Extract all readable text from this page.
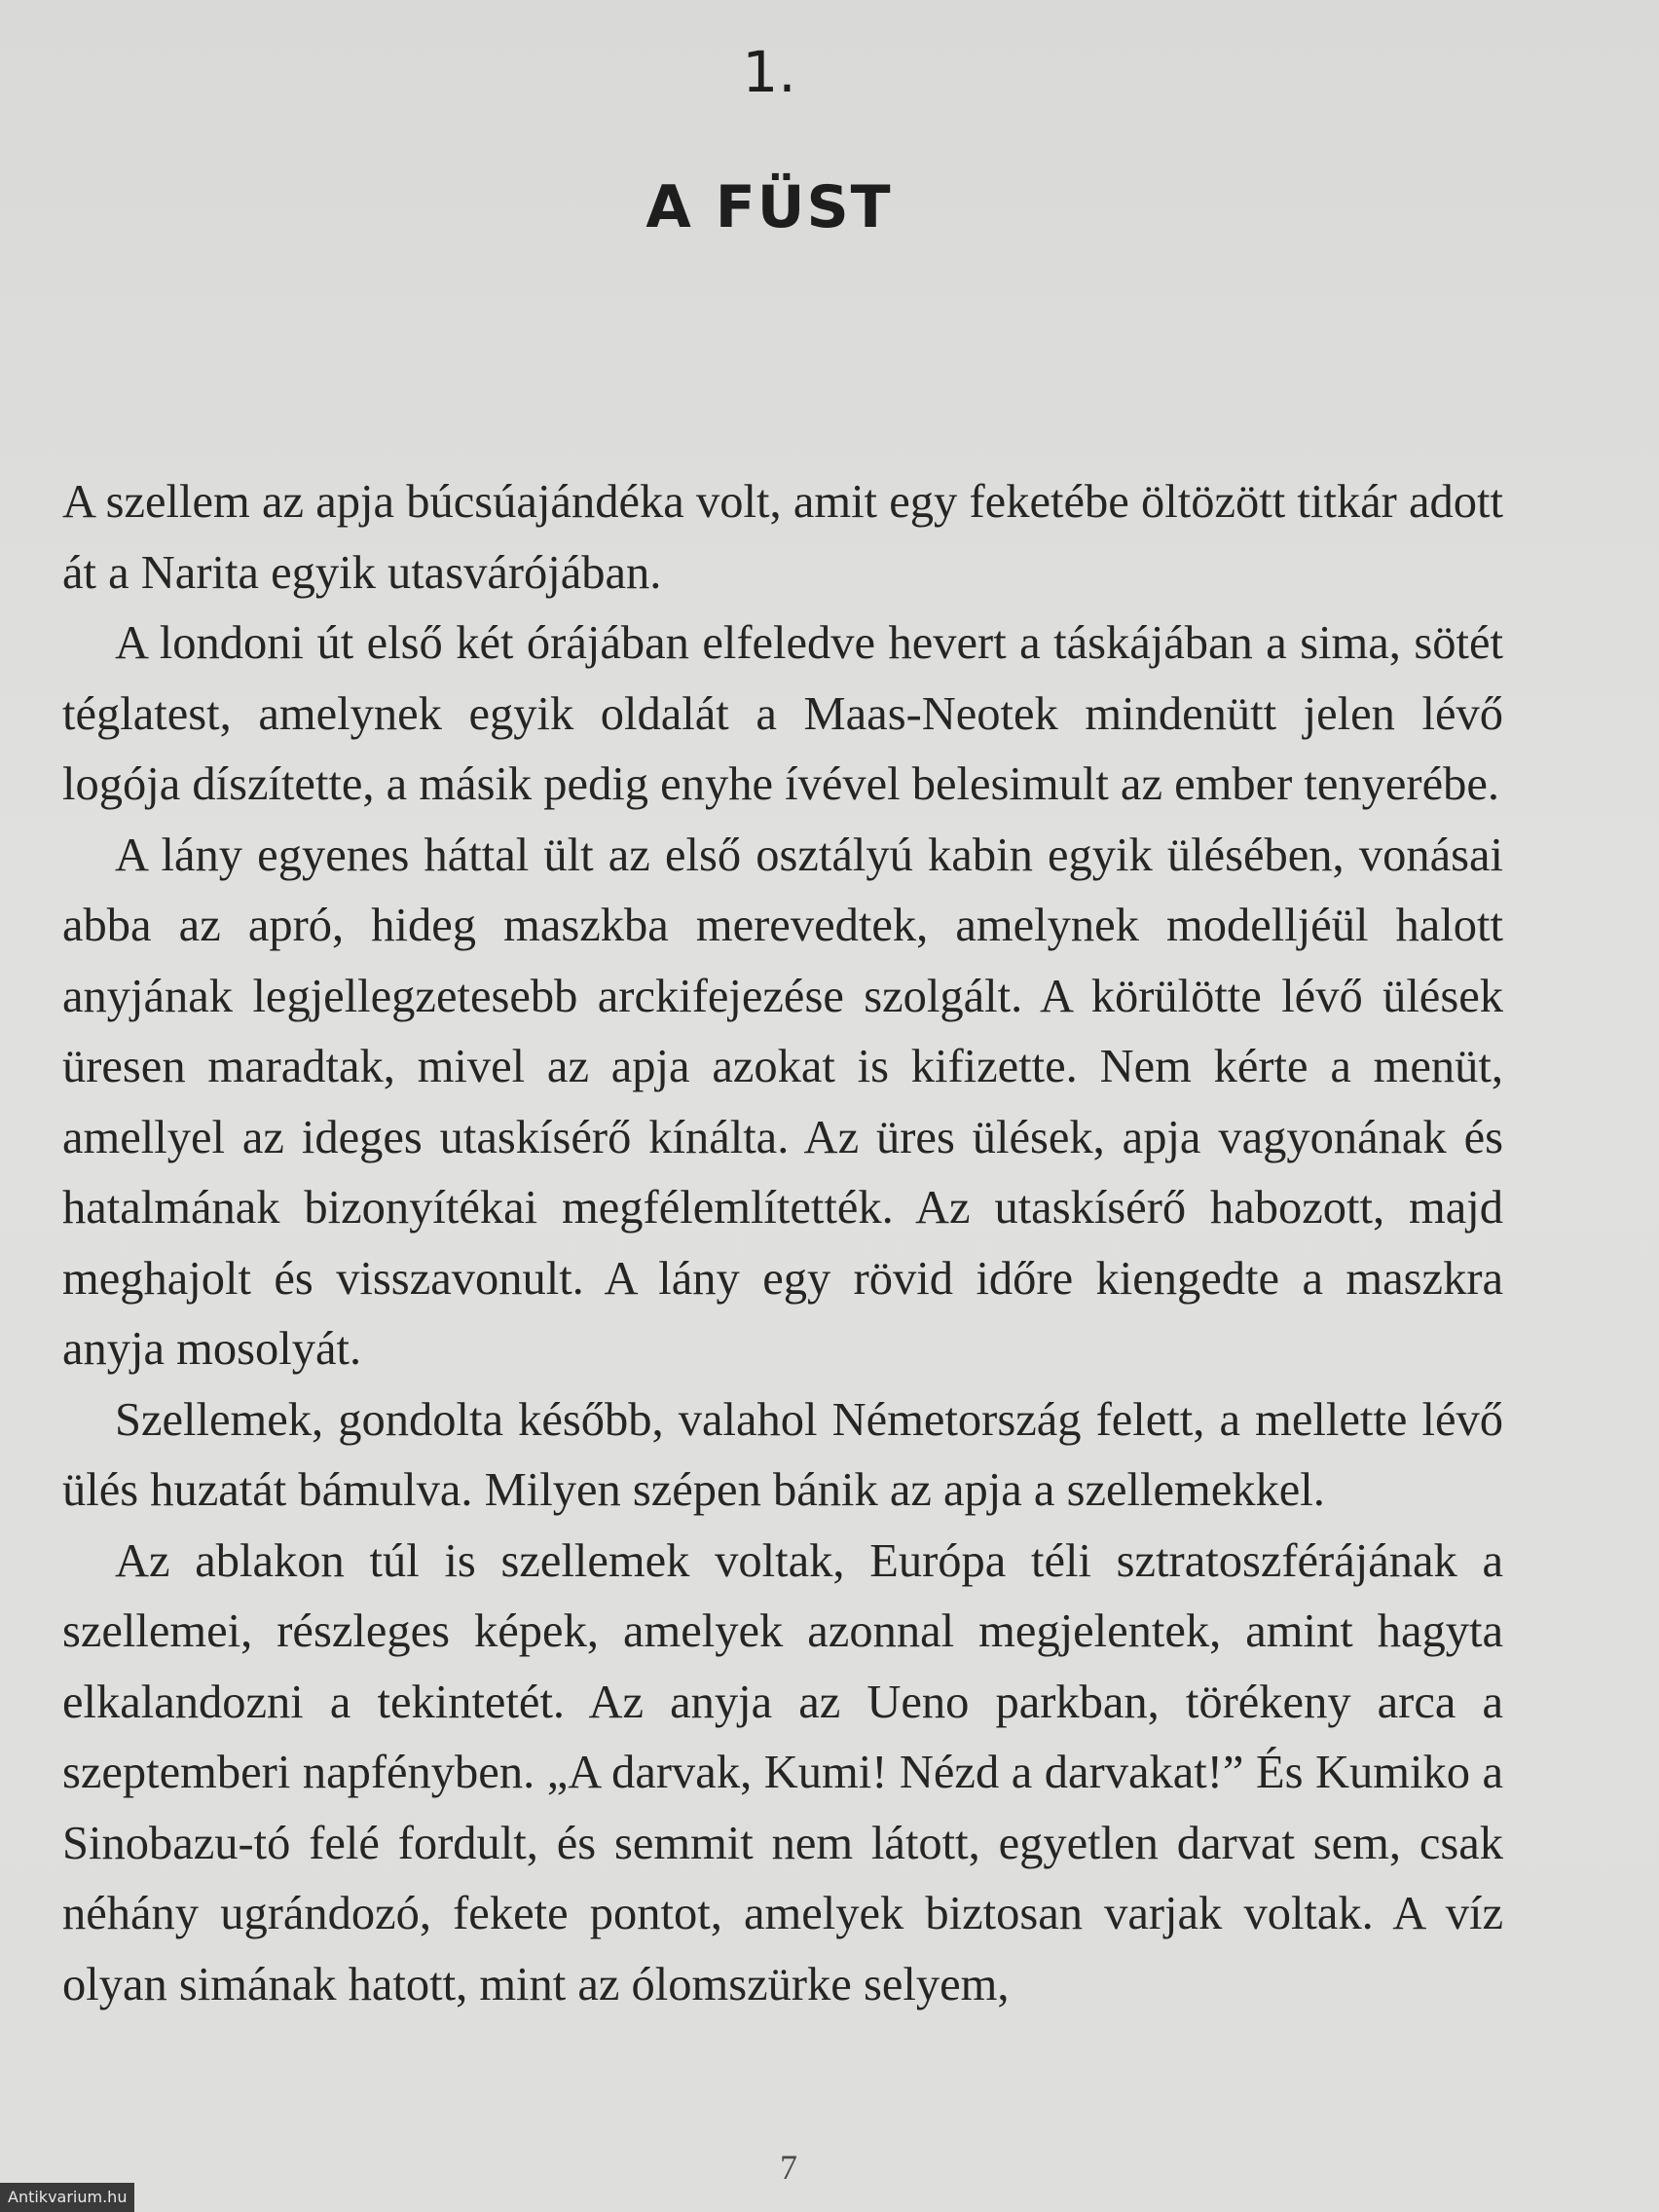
1.
A FÜST

A szellem az apja búcsúajándéka volt, amit egy feketébe öltözött titkár adott át a Narita egyik utasvárójában.

A londoni út első két órájában elfeledve hevert a táskájában a sima, sötét téglatest, amelynek egyik oldalát a Maas-Neotek mindenütt jelen lévő logója díszítette, a másik pedig enyhe ívével belesimult az ember tenyerébe.

A lány egyenes háttal ült az első osztályú kabin egyik ülésében, vonásai abba az apró, hideg maszkba merevedtek, amelynek modelljéül halott anyjának legjellegzetesebb arckifejezése szolgált. A körülötte lévő ülések üresen maradtak, mivel az apja azokat is kifizette. Nem kérte a menüt, amellyel az ideges utaskísérő kínálta. Az üres ülések, apja vagyonának és hatalmának bizonyítékai megfélemlítették. Az utaskísérő habozott, majd meghajolt és visszavonult. A lány egy rövid időre kiengedte a maszkra anyja mosolyát.

Szellemek, gondolta később, valahol Németország felett, a mellette lévő ülés huzatát bámulva. Milyen szépen bánik az apja a szellemekkel.

Az ablakon túl is szellemek voltak, Európa téli sztratoszférájának a szellemei, részleges képek, amelyek azonnal megjelentek, amint hagyta elkalandozni a tekintetét. Az anyja az Ueno parkban, törékeny arca a szeptemberi napfényben. „A darvak, Kumi! Nézd a darvakat!” És Kumiko a Sinobazu-tó felé fordult, és semmit nem látott, egyetlen darvat sem, csak néhány ugrándozó, fekete pontot, amelyek biztosan varjak voltak. A víz olyan simának hatott, mint az ólomszürke selyem,

7
Antikvarium.hu
